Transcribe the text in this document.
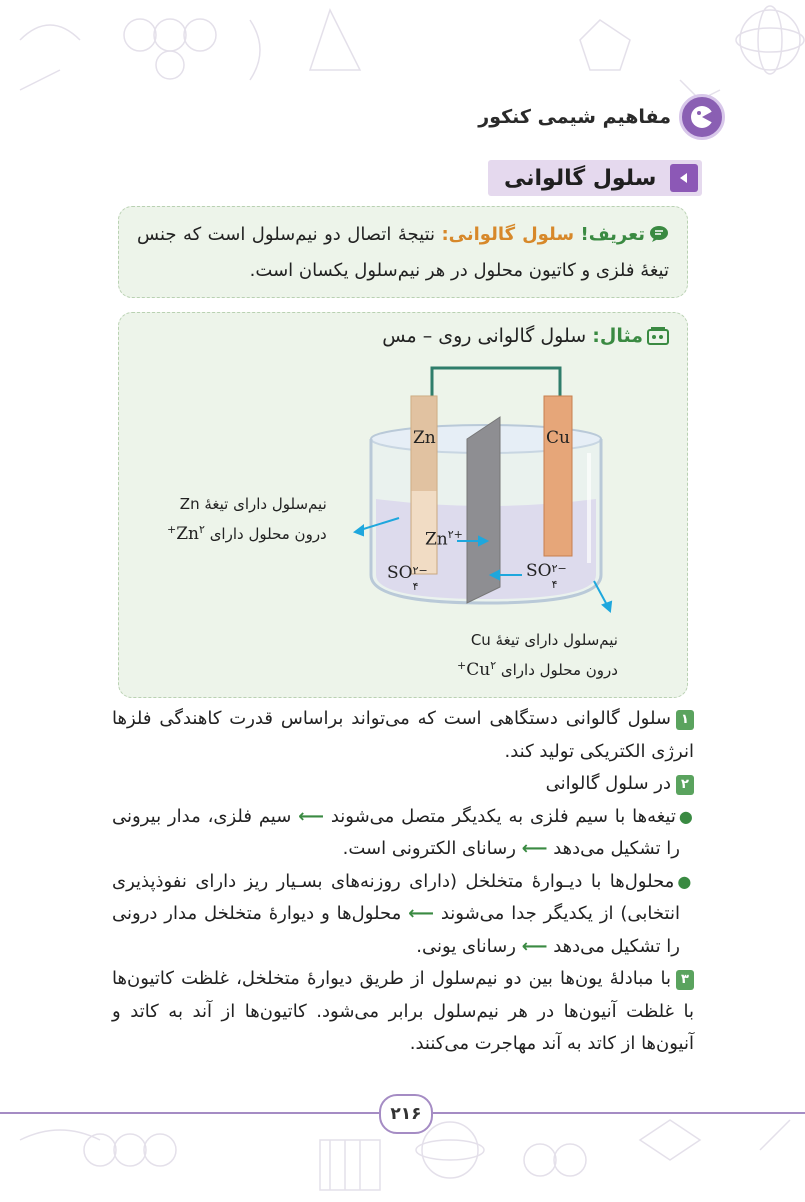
مفاهیم شیمی کنکور
سلول گالوانی
تعریف! سلول گالوانی: نتیجهٔ اتصال دو نیم‌سلول است که جنس تیغهٔ فلزی و کاتیون محلول در هر نیم‌سلول یکسان است.
مثال: سلول گالوانی روی – مس
Zn	Cu
$Zn^{۲+}$
SO ۲−
۴
SO ۲−
۴
نیم‌سلول دارای تیغهٔ Zn
درون محلول دارای $Zn^{۲+}$
نیم‌سلول دارای تیغهٔ Cu
درون محلول دارای $Cu^{۲+}$
۱سلول گالوانی دستگاهی است که می‌تواند براساس قدرت کاهندگی فلزها انرژی الکتریکی تولید کند.
۲در سلول گالوانی
●تیغه‌ها با سیم فلزی به یکدیگر متصل می‌شوند ⟵ سیم فلزی، مدار بیرونی را تشکیل می‌دهد ⟵ رسانای الکترونی است.
●محلول‌ها با دیـوارهٔ متخلخل (دارای روزنه‌های بسـیار ریز دارای نفوذپذیری انتخابی) از یکدیگر جدا می‌شوند ⟵ محلول‌ها و دیوارهٔ متخلخل مدار درونی را تشکیل می‌دهد ⟵ رسانای یونی.
۳با مبادلهٔ یون‌ها بین دو نیم‌سلول از طریق دیوارهٔ متخلخل، غلظت کاتیون‌ها با غلظت آنیون‌ها در هر نیم‌سلول برابر می‌شود. کاتیون‌ها از آند به کاتد و آنیون‌ها از کاتد به آند مهاجرت می‌کنند.
۲۱۶
